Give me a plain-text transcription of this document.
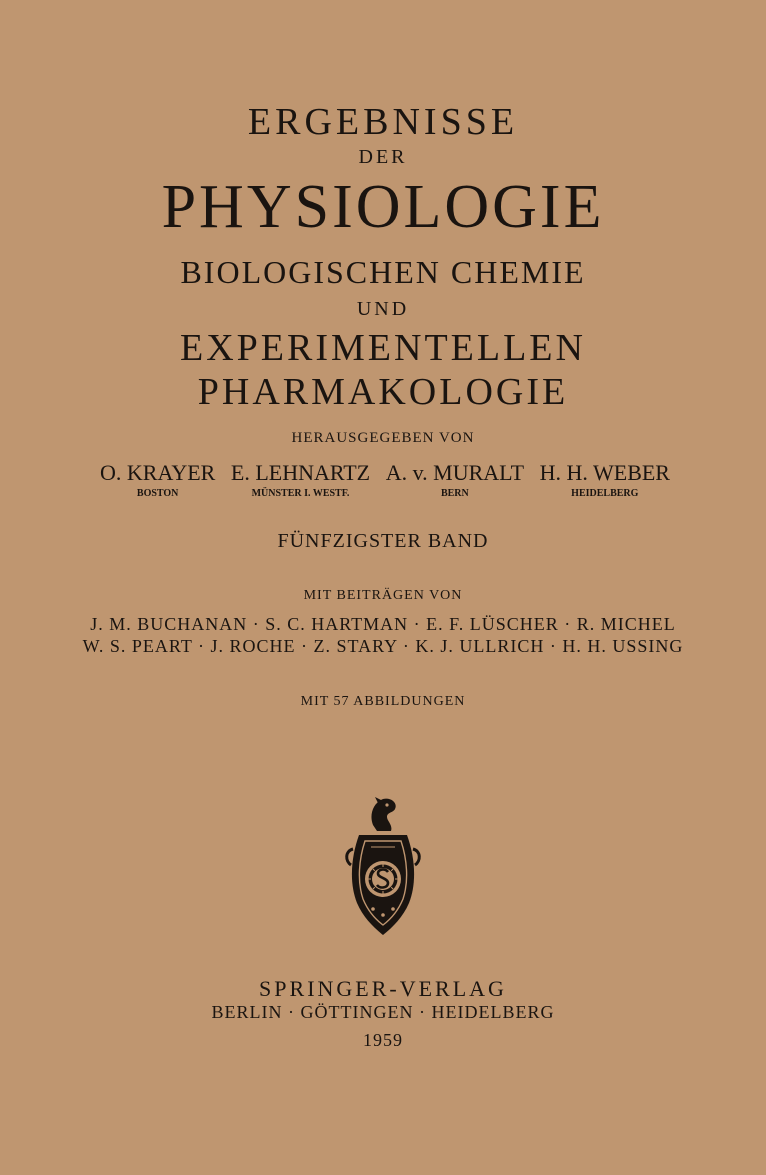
ERGEBNISSE
DER
PHYSIOLOGIE
BIOLOGISCHEN CHEMIE
UND
EXPERIMENTELLEN
PHARMAKOLOGIE
HERAUSGEGEBEN VON
O. KRAYER
BOSTON
E. LEHNARTZ
MÜNSTER I. WESTF.
A. v. MURALT
BERN
H. H. WEBER
HEIDELBERG
FÜNFZIGSTER BAND
MIT BEITRÄGEN VON
J. M. BUCHANAN · S. C. HARTMAN · E. F. LÜSCHER · R. MICHEL
W. S. PEART · J. ROCHE · Z. STARY · K. J. ULLRICH · H. H. USSING
MIT 57 ABBILDUNGEN
SPRINGER-VERLAG
BERLIN · GÖTTINGEN · HEIDELBERG
1959
